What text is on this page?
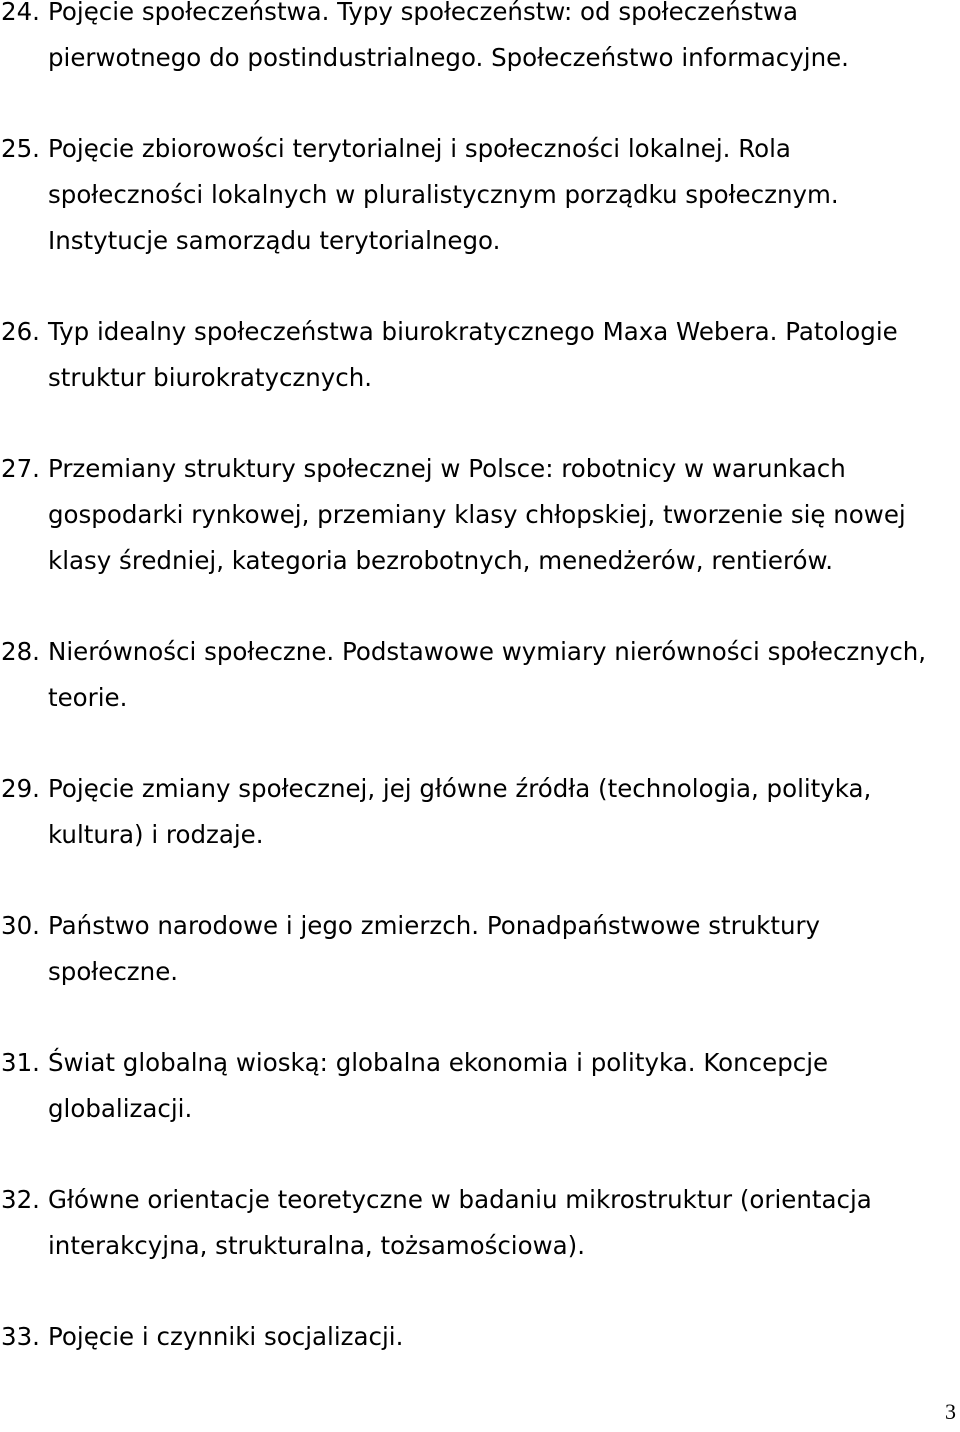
24. Pojęcie społeczeństwa. Typy społeczeństw: od społeczeństwa pierwotnego do postindustrialnego. Społeczeństwo informacyjne.
25. Pojęcie zbiorowości terytorialnej i społeczności lokalnej. Rola społeczności lokalnych w pluralistycznym porządku społecznym. Instytucje samorządu terytorialnego.
26. Typ idealny społeczeństwa biurokratycznego Maxa Webera. Patologie struktur biurokratycznych.
27. Przemiany struktury społecznej w Polsce: robotnicy w warunkach gospodarki rynkowej, przemiany klasy chłopskiej, tworzenie się nowej klasy średniej, kategoria bezrobotnych, menedżerów, rentierów.
28. Nierówności społeczne. Podstawowe wymiary nierówności społecznych, teorie.
29. Pojęcie zmiany społecznej, jej główne źródła (technologia, polityka, kultura) i rodzaje.
30. Państwo narodowe i jego zmierzch. Ponadpaństwowe struktury społeczne.
31. Świat globalną wioską: globalna ekonomia i polityka. Koncepcje globalizacji.
32. Główne orientacje teoretyczne w badaniu mikrostruktur (orientacja interakcyjna, strukturalna, tożsamościowa).
33. Pojęcie i czynniki socjalizacji.
3
